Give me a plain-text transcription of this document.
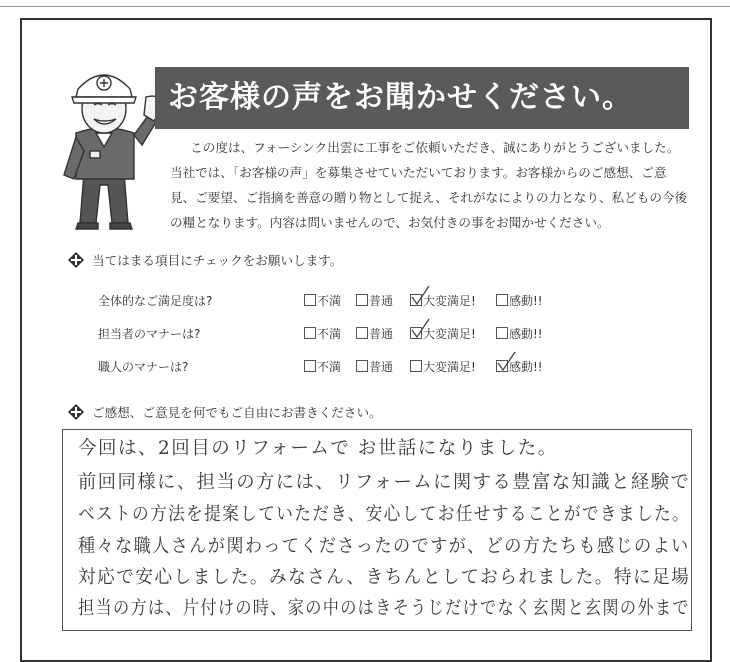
お客様の声をお聞かせください。

この度は、フォーシンク出雲に工事をご依頼いただき、誠にありがとうございました。当社では、「お客様の声」を募集させていただいております。お客様からのご感想、ご意見、ご要望、ご指摘を善意の贈り物として捉え、それがなによりの力となり、私どもの今後の糧となります。内容は問いませんので、お気付きの事をお聞かせください。

当てはまる項目にチェックをお願いします。
全体的なご満足度は?	不満	普通	大変満足!	感動!!
担当者のマナーは?	不満	普通	大変満足!	感動!!
職人のマナーは?	不満	普通	大変満足!	感動!!
ご感想、ご意見を何でもご自由にお書きください。
今回は、2回目のリフォームで お世話になりました。
前回同様に、担当の方には、リフォームに関する豊富な知識と経験で
ベストの方法を提案していただき、安心してお任せすることができました。
種々な職人さんが関わってくださったのですが、どの方たちも感じのよい
対応で安心しました。みなさん、きちんとしておられました。特に足場
担当の方は、片付けの時、家の中のはきそうじだけでなく玄関と玄関の外まで
